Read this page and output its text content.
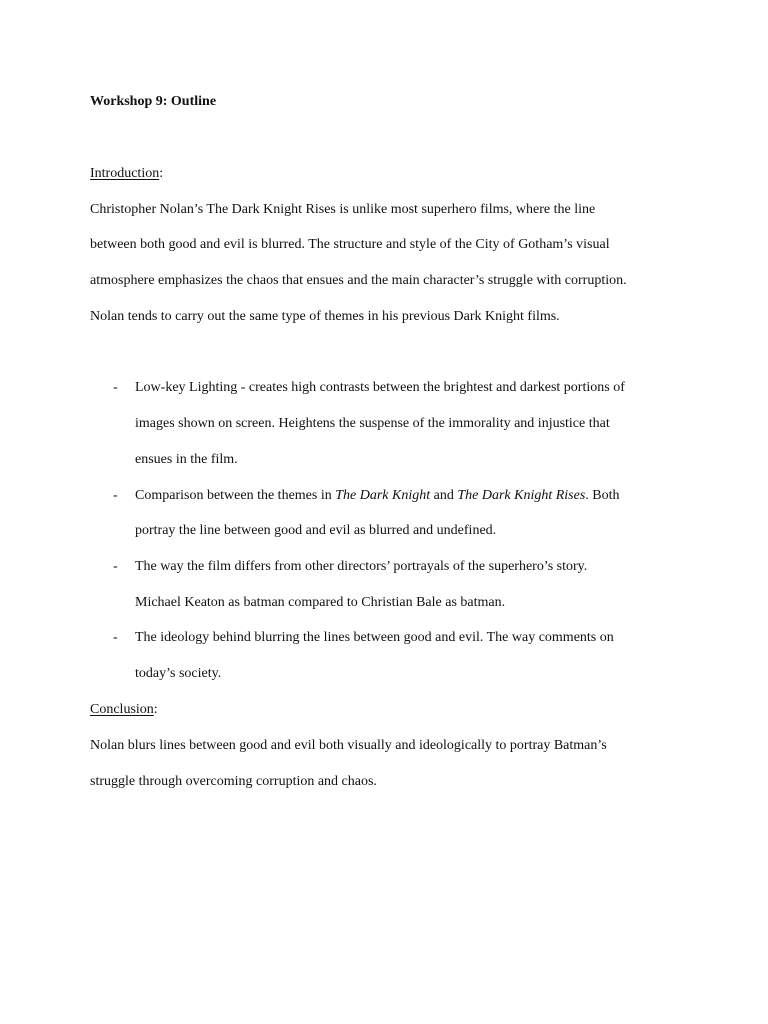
Workshop 9: Outline
Introduction:
Christopher Nolan’s The Dark Knight Rises is unlike most superhero films, where the line
between both good and evil is blurred. The structure and style of the City of Gotham’s visual
atmosphere emphasizes the chaos that ensues and the main character’s struggle with corruption.
Nolan tends to carry out the same type of themes in his previous Dark Knight films.
- Low-key Lighting - creates high contrasts between the brightest and darkest portions of
images shown on screen. Heightens the suspense of the immorality and injustice that
ensues in the film.
- Comparison between the themes in The Dark Knight and The Dark Knight Rises. Both
portray the line between good and evil as blurred and undefined.
- The way the film differs from other directors’ portrayals of the superhero’s story.
Michael Keaton as batman compared to Christian Bale as batman.
- The ideology behind blurring the lines between good and evil. The way comments on
today’s society.
Conclusion:
Nolan blurs lines between good and evil both visually and ideologically to portray Batman’s
struggle through overcoming corruption and chaos.
